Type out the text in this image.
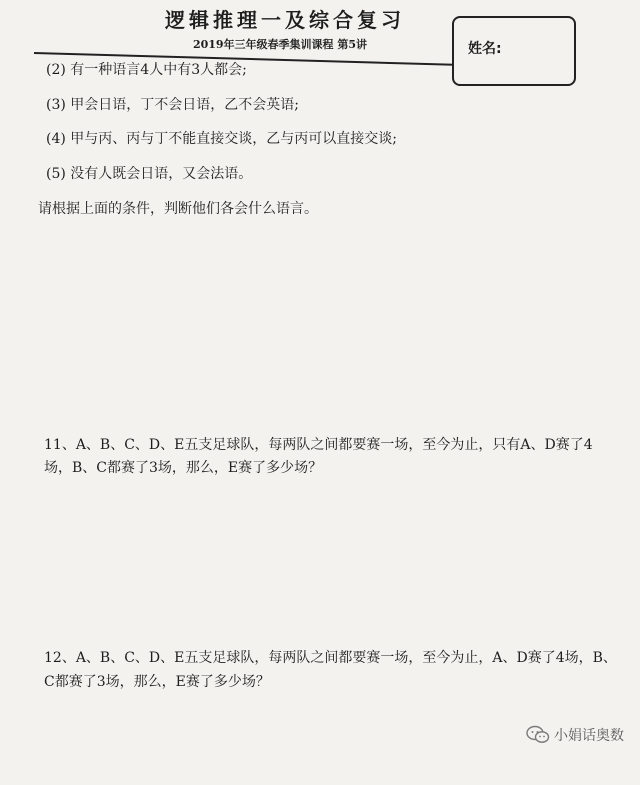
逻辑推理一及综合复习
2019年三年级春季集训课程 第5讲	姓名:
(2) 有一种语言4人中有3人都会;
(3) 甲会日语，丁不会日语，乙不会英语;
(4) 甲与丙、丙与丁不能直接交谈，乙与丙可以直接交谈;
(5) 没有人既会日语，又会法语。
请根据上面的条件，判断他们各会什么语言。
11、A、B、C、D、E五支足球队，每两队之间都要赛一场，至今为止，只有A、D赛了4
场，B、C都赛了3场，那么，E赛了多少场？
12、A、B、C、D、E五支足球队，每两队之间都要赛一场，至今为止，A、D赛了4场，B、
C都赛了3场，那么，E赛了多少场？
小娟话奥数
